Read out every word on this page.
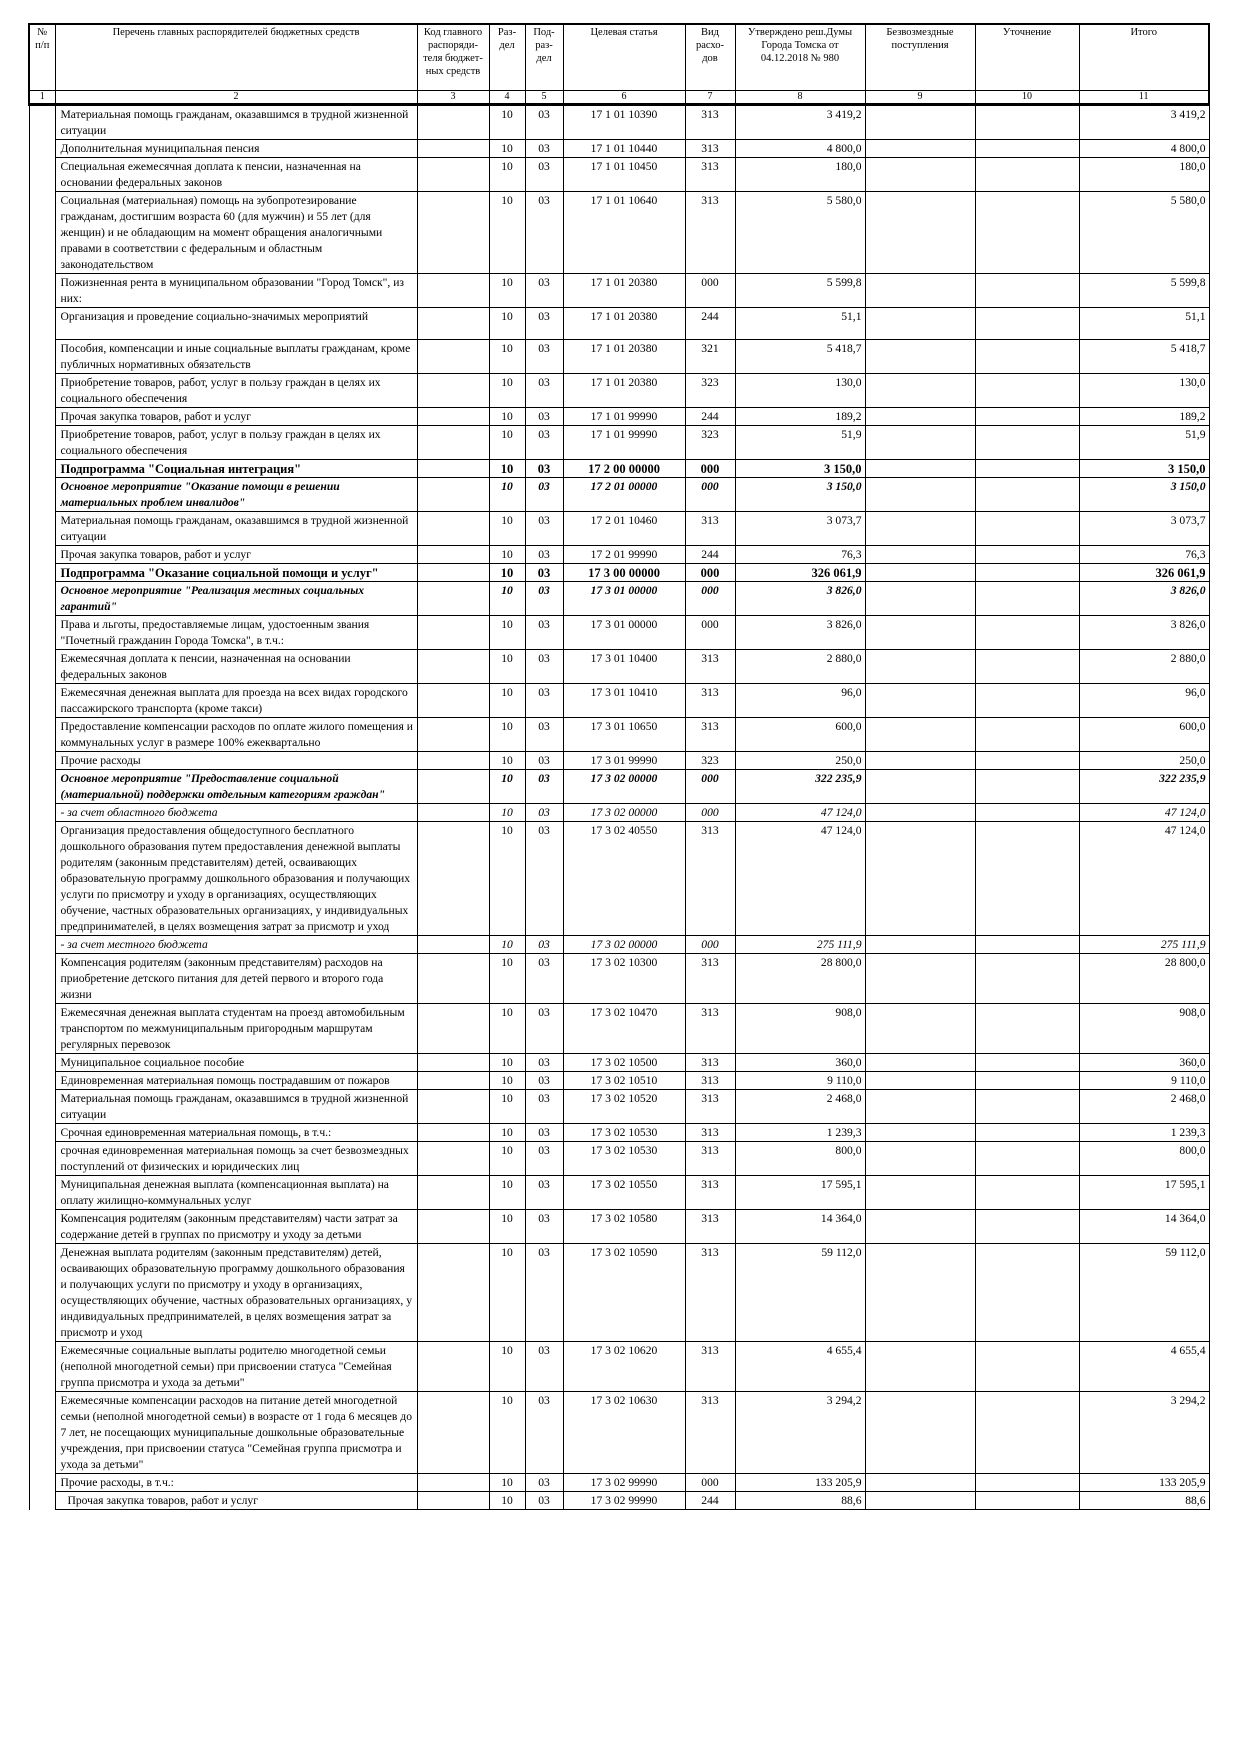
№ п/п	Перечень главных распорядителей бюджетных средств	Код главного распоряди-теля бюджет-ных средств	Раз-дел	Под-раз-дел	Целевая статья	Вид расхо-дов	Утверждено реш.Думы Города Томска от 04.12.2018 № 980	Безвозмездные поступления	Уточнение	Итого
1	2	3	4	5	6	7	8	9	10	11
	Материальная помощь гражданам, оказавшимся в трудной жизненной ситуации		10	03	17 1 01 10390	313	3 419,2			3 419,2
	Дополнительная муниципальная пенсия		10	03	17 1 01 10440	313	4 800,0			4 800,0
	Специальная ежемесячная доплата к пенсии, назначенная на основании федеральных законов		10	03	17 1 01 10450	313	180,0			180,0
	Социальная (материальная) помощь на зубопротезирование гражданам, достигшим возраста 60 (для мужчин) и 55 лет (для женщин) и не обладающим на момент обращения аналогичными правами в соответствии с федеральным и областным законодательством		10	03	17 1 01 10640	313	5 580,0			5 580,0
	Пожизненная рента в муниципальном образовании "Город Томск", из них:		10	03	17 1 01 20380	000	5 599,8			5 599,8
	Организация и проведение социально-значимых мероприятий		10	03	17 1 01 20380	244	51,1			51,1
	Пособия, компенсации и иные социальные выплаты гражданам, кроме публичных нормативных обязательств		10	03	17 1 01 20380	321	5 418,7			5 418,7
	Приобретение товаров, работ, услуг в пользу граждан в целях их социального обеспечения		10	03	17 1 01 20380	323	130,0			130,0
	Прочая закупка товаров, работ и услуг		10	03	17 1 01 99990	244	189,2			189,2
	Приобретение товаров, работ, услуг в пользу граждан в целях их социального обеспечения		10	03	17 1 01 99990	323	51,9			51,9
	Подпрограмма "Социальная интеграция"		10	03	17 2 00 00000	000	3 150,0			3 150,0
	Основное мероприятие "Оказание помощи в решении материальных проблем инвалидов"		10	03	17 2 01 00000	000	3 150,0			3 150,0
	Материальная помощь гражданам, оказавшимся в трудной жизненной ситуации		10	03	17 2 01 10460	313	3 073,7			3 073,7
	Прочая закупка товаров, работ и услуг		10	03	17 2 01 99990	244	76,3			76,3
	Подпрограмма "Оказание социальной помощи и услуг"		10	03	17 3 00 00000	000	326 061,9			326 061,9
	Основное мероприятие "Реализация местных социальных гарантий"		10	03	17 3 01 00000	000	3 826,0			3 826,0
	Права и льготы, предоставляемые лицам, удостоенным звания "Почетный гражданин Города Томска", в т.ч.:		10	03	17 3 01 00000	000	3 826,0			3 826,0
	Ежемесячная доплата к пенсии, назначенная на основании федеральных законов		10	03	17 3 01 10400	313	2 880,0			2 880,0
	Ежемесячная денежная выплата для проезда на всех видах городского пассажирского транспорта (кроме такси)		10	03	17 3 01 10410	313	96,0			96,0
	Предоставление компенсации расходов по оплате жилого помещения и коммунальных услуг в размере 100% ежеквартально		10	03	17 3 01 10650	313	600,0			600,0
	Прочие расходы		10	03	17 3 01 99990	323	250,0			250,0
	Основное мероприятие "Предоставление социальной (материальной) поддержки отдельным категориям граждан"		10	03	17 3 02 00000	000	322 235,9			322 235,9
	- за счет областного бюджета		10	03	17 3 02 00000	000	47 124,0			47 124,0
	Организация предоставления общедоступного бесплатного дошкольного образования путем предоставления денежной выплаты родителям (законным представителям) детей, осваивающих образовательную программу дошкольного образования и получающих услуги по присмотру и уходу в организациях, осуществляющих обучение, частных образовательных организациях, у индивидуальных предпринимателей, в целях возмещения затрат за присмотр и уход		10	03	17 3 02 40550	313	47 124,0			47 124,0
	- за счет местного бюджета		10	03	17 3 02 00000	000	275 111,9			275 111,9
	Компенсация родителям (законным представителям) расходов на приобретение детского питания для детей первого и второго года жизни		10	03	17 3 02 10300	313	28 800,0			28 800,0
	Ежемесячная денежная выплата студентам на проезд автомобильным транспортом по межмуниципальным пригородным маршрутам регулярных перевозок		10	03	17 3 02 10470	313	908,0			908,0
	Муниципальное социальное пособие		10	03	17 3 02 10500	313	360,0			360,0
	Единовременная материальная помощь пострадавшим от пожаров		10	03	17 3 02 10510	313	9 110,0			9 110,0
	Материальная помощь гражданам, оказавшимся в трудной жизненной ситуации		10	03	17 3 02 10520	313	2 468,0			2 468,0
	Срочная единовременная материальная помощь, в т.ч.:		10	03	17 3 02 10530	313	1 239,3			1 239,3
	срочная единовременная материальная помощь за счет безвозмездных поступлений от физических и юридических лиц		10	03	17 3 02 10530	313	800,0			800,0
	Муниципальная денежная выплата (компенсационная выплата) на оплату жилищно-коммунальных услуг		10	03	17 3 02 10550	313	17 595,1			17 595,1
	Компенсация родителям (законным представителям) части затрат за содержание детей в группах по присмотру и уходу за детьми		10	03	17 3 02 10580	313	14 364,0			14 364,0
	Денежная выплата родителям (законным представителям) детей, осваивающих образовательную программу дошкольного образования и получающих услуги по присмотру и уходу в организациях, осуществляющих обучение, частных образовательных организациях, у индивидуальных предпринимателей, в целях возмещения затрат за присмотр и уход		10	03	17 3 02 10590	313	59 112,0			59 112,0
	Ежемесячные социальные выплаты родителю многодетной семьи (неполной многодетной семьи) при присвоении статуса "Семейная группа присмотра и ухода за детьми"		10	03	17 3 02 10620	313	4 655,4			4 655,4
	Ежемесячные компенсации расходов на питание детей многодетной семьи (неполной многодетной семьи) в возрасте от 1 года 6 месяцев до 7 лет, не посещающих муниципальные дошкольные образовательные учреждения, при присвоении статуса "Семейная группа присмотра и ухода за детьми"		10	03	17 3 02 10630	313	3 294,2			3 294,2
	Прочие расходы, в т.ч.:		10	03	17 3 02 99990	000	133 205,9			133 205,9
	Прочая закупка товаров, работ и услуг		10	03	17 3 02 99990	244	88,6			88,6
